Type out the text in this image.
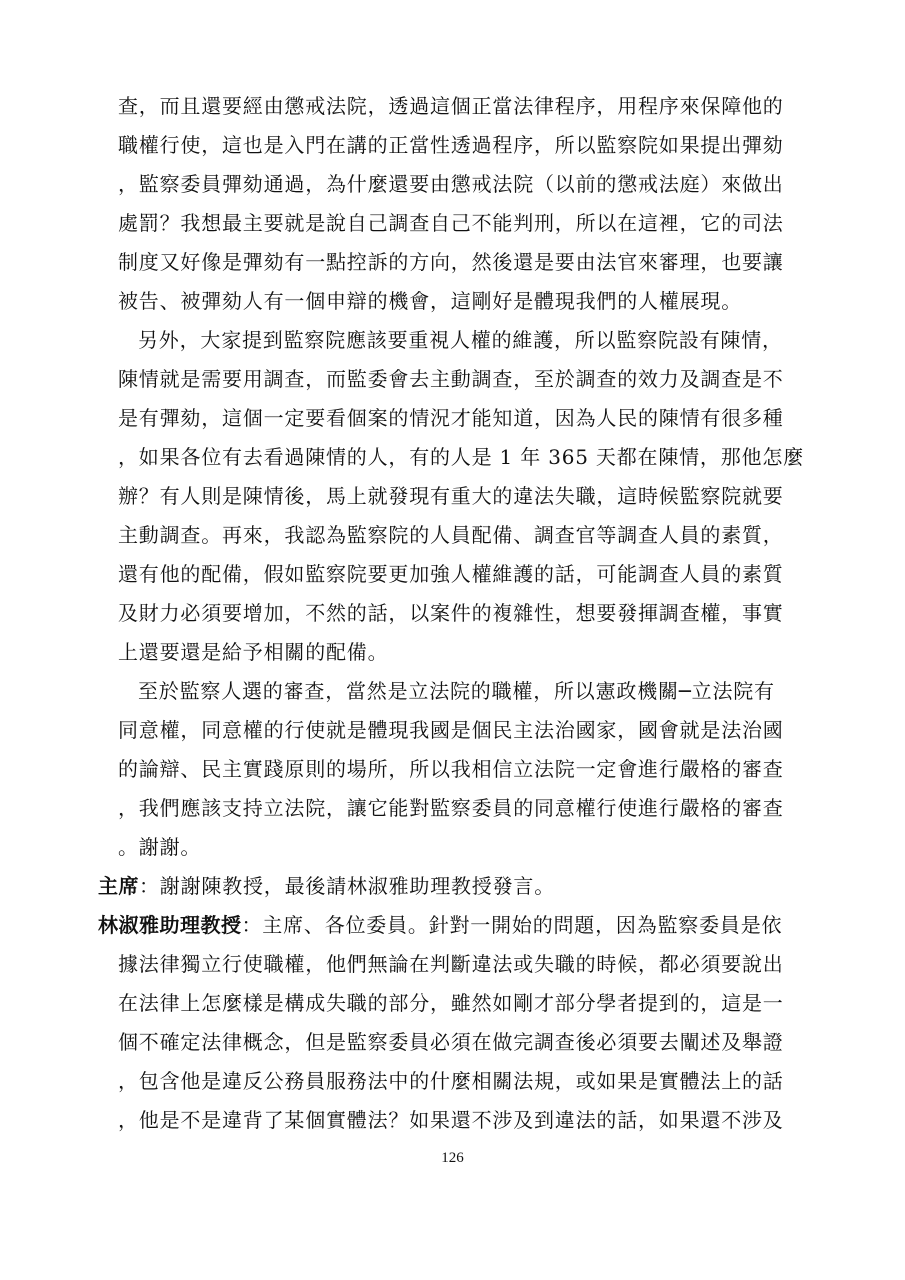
查，而且還要經由懲戒法院，透過這個正當法律程序，用程序來保障他的
職權行使，這也是入門在講的正當性透過程序，所以監察院如果提出彈劾
，監察委員彈劾通過，為什麼還要由懲戒法院（以前的懲戒法庭）來做出
處罰？我想最主要就是說自己調查自己不能判刑，所以在這裡，它的司法
制度又好像是彈劾有一點控訴的方向，然後還是要由法官來審理，也要讓
被告、被彈劾人有一個申辯的機會，這剛好是體現我們的人權展現。
另外，大家提到監察院應該要重視人權的維護，所以監察院設有陳情，
陳情就是需要用調查，而監委會去主動調查，至於調查的效力及調查是不
是有彈劾，這個一定要看個案的情況才能知道，因為人民的陳情有很多種
，如果各位有去看過陳情的人，有的人是 1 年 365 天都在陳情，那他怎麼
辦？有人則是陳情後，馬上就發現有重大的違法失職，這時候監察院就要
主動調查。再來，我認為監察院的人員配備、調查官等調查人員的素質，
還有他的配備，假如監察院要更加強人權維護的話，可能調查人員的素質
及財力必須要增加，不然的話，以案件的複雜性，想要發揮調查權，事實
上還要還是給予相關的配備。
至於監察人選的審查，當然是立法院的職權，所以憲政機關─立法院有
同意權，同意權的行使就是體現我國是個民主法治國家，國會就是法治國
的論辯、民主實踐原則的場所，所以我相信立法院一定會進行嚴格的審查
，我們應該支持立法院，讓它能對監察委員的同意權行使進行嚴格的審查
。謝謝。
主席：謝謝陳教授，最後請林淑雅助理教授發言。
林淑雅助理教授：主席、各位委員。針對一開始的問題，因為監察委員是依
據法律獨立行使職權，他們無論在判斷違法或失職的時候，都必須要說出
在法律上怎麼樣是構成失職的部分，雖然如剛才部分學者提到的，這是一
個不確定法律概念，但是監察委員必須在做完調查後必須要去闡述及舉證
，包含他是違反公務員服務法中的什麼相關法規，或如果是實體法上的話
，他是不是違背了某個實體法？如果還不涉及到違法的話，如果還不涉及
126
